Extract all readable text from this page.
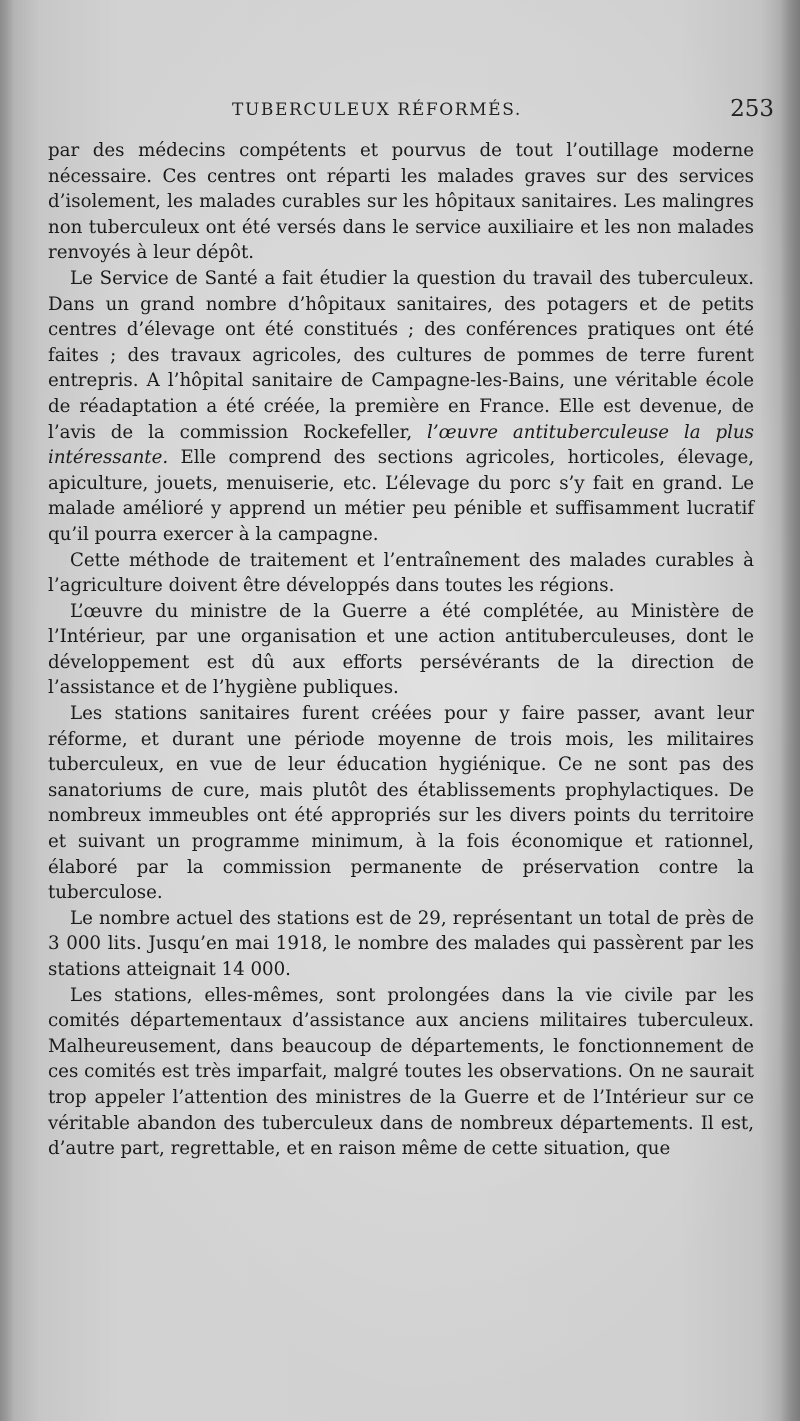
TUBERCULEUX RÉFORMÉS.	253

par des médecins compétents et pourvus de tout l’outillage moderne nécessaire. Ces centres ont réparti les malades graves sur des services d’isolement, les malades curables sur les hôpitaux sanitaires. Les malingres non tuberculeux ont été versés dans le service auxiliaire et les non malades renvoyés à leur dépôt.

Le Service de Santé a fait étudier la question du travail des tuberculeux. Dans un grand nombre d’hôpitaux sanitaires, des potagers et de petits centres d’élevage ont été constitués ; des conférences pratiques ont été faites ; des travaux agricoles, des cultures de pommes de terre furent entrepris. A l’hôpital sanitaire de Campagne-les-Bains, une véritable école de réadaptation a été créée, la première en France. Elle est devenue, de l’avis de la commission Rockefeller, l’œuvre antituberculeuse la plus intéressante. Elle comprend des sections agricoles, horticoles, élevage, apiculture, jouets, menuiserie, etc. L’élevage du porc s’y fait en grand. Le malade amélioré y apprend un métier peu pénible et suffisamment lucratif qu’il pourra exercer à la campagne.

Cette méthode de traitement et l’entraînement des malades curables à l’agriculture doivent être développés dans toutes les régions.

L’œuvre du ministre de la Guerre a été complétée, au Ministère de l’Intérieur, par une organisation et une action antituberculeuses, dont le développement est dû aux efforts persévérants de la direction de l’assistance et de l’hygiène publiques.

Les stations sanitaires furent créées pour y faire passer, avant leur réforme, et durant une période moyenne de trois mois, les militaires tuberculeux, en vue de leur éducation hygiénique. Ce ne sont pas des sanatoriums de cure, mais plutôt des établissements prophylactiques. De nombreux immeubles ont été appropriés sur les divers points du territoire et suivant un programme minimum, à la fois économique et rationnel, élaboré par la commission permanente de préservation contre la tuberculose.

Le nombre actuel des stations est de 29, représentant un total de près de 3 000 lits. Jusqu’en mai 1918, le nombre des malades qui passèrent par les stations atteignait 14 000.

Les stations, elles-mêmes, sont prolongées dans la vie civile par les comités départementaux d’assistance aux anciens militaires tuberculeux. Malheureusement, dans beaucoup de départements, le fonctionnement de ces comités est très imparfait, malgré toutes les observations. On ne saurait trop appeler l’attention des ministres de la Guerre et de l’Intérieur sur ce véritable abandon des tuberculeux dans de nombreux départements. Il est, d’autre part, regrettable, et en raison même de cette situation, que
